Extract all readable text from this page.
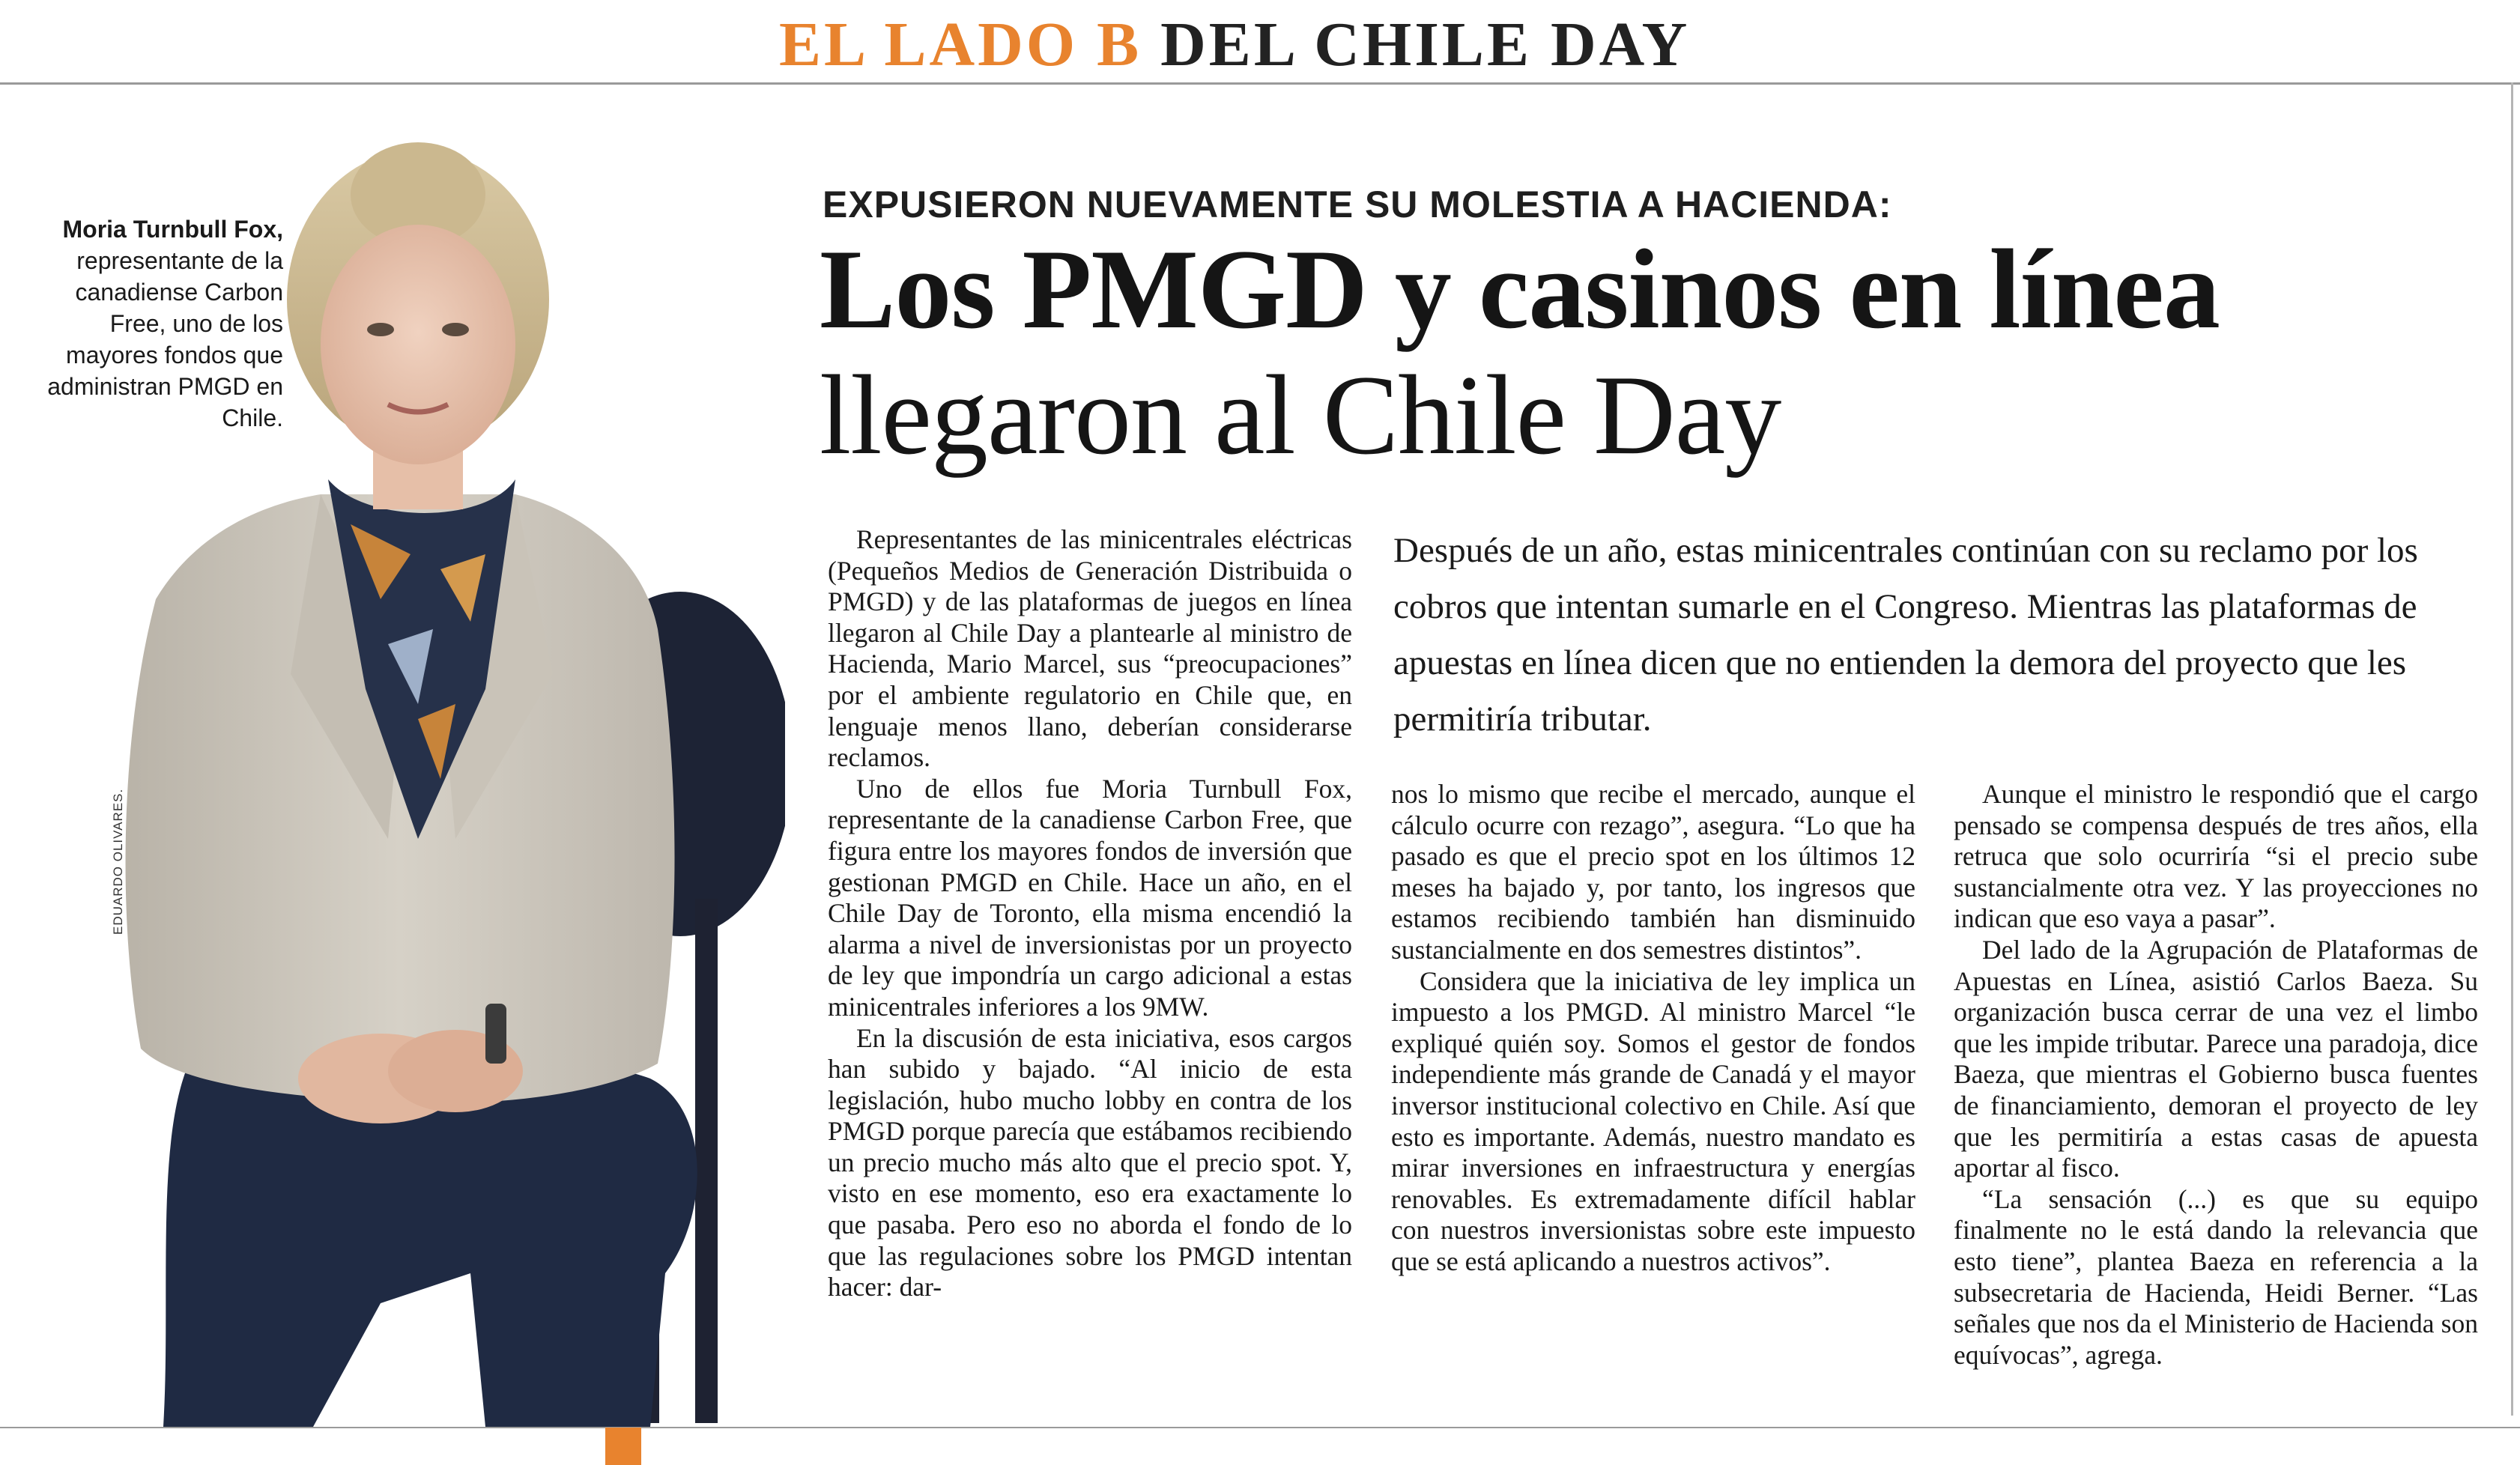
EL LADO B DEL CHILE DAY
Moria Turnbull Fox, representante de la canadiense Carbon Free, uno de los mayores fondos que administran PMGD en Chile.
EDUARDO OLIVARES.
EXPUSIERON NUEVAMENTE SU MOLESTIA A HACIENDA:
Los PMGD y casinos en línea
llegaron al Chile Day

Después de un año, estas minicentrales continúan con su reclamo por los cobros que intentan sumarle en el Congreso. Mientras las plataformas de apuestas en línea dicen que no entienden la demora del proyecto que les permitiría tributar.

Representantes de las minicentrales eléctricas (Pequeños Medios de Generación Distribuida o PMGD) y de las plataformas de juegos en línea llegaron al Chile Day a plantearle al ministro de Hacienda, Mario Marcel, sus “preocupaciones” por el ambiente regulatorio en Chile que, en lenguaje menos llano, deberían considerarse reclamos.

Uno de ellos fue Moria Turnbull Fox, representante de la canadiense Carbon Free, que figura entre los mayores fondos de inversión que gestionan PMGD en Chile. Hace un año, en el Chile Day de Toronto, ella misma encendió la alarma a nivel de inversionistas por un proyecto de ley que impondría un cargo adicional a estas minicentrales inferiores a los 9MW.

En la discusión de esta iniciativa, esos cargos han subido y bajado. “Al inicio de esta legislación, hubo mucho lobby en contra de los PMGD porque parecía que estábamos recibiendo un precio mucho más alto que el precio spot. Y, visto en ese momento, eso era exactamente lo que pasaba. Pero eso no aborda el fondo de lo que las regulaciones sobre los PMGD intentan hacer: dar-

nos lo mismo que recibe el mercado, aunque el cálculo ocurre con rezago”, asegura. “Lo que ha pasado es que el precio spot en los últimos 12 meses ha bajado y, por tanto, los ingresos que estamos recibiendo también han disminuido sustancialmente en dos semestres distintos”.

Considera que la iniciativa de ley implica un impuesto a los PMGD. Al ministro Marcel “le expliqué quién soy. Somos el gestor de fondos independiente más grande de Canadá y el mayor inversor institucional colectivo en Chile. Así que esto es importante. Además, nuestro mandato es mirar inversiones en infraestructura y energías renovables. Es extremadamente difícil hablar con nuestros inversionistas sobre este impuesto que se está aplicando a nuestros activos”.

Aunque el ministro le respondió que el cargo pensado se compensa después de tres años, ella retruca que solo ocurriría “si el precio sube sustancialmente otra vez. Y las proyecciones no indican que eso vaya a pasar”.

Del lado de la Agrupación de Plataformas de Apuestas en Línea, asistió Carlos Baeza. Su organización busca cerrar de una vez el limbo que les impide tributar. Parece una paradoja, dice Baeza, que mientras el Gobierno busca fuentes de financiamiento, demoran el proyecto de ley que les permitiría a estas casas de apuesta aportar al fisco.

“La sensación (...) es que su equipo finalmente no le está dando la relevancia que esto tiene”, plantea Baeza en referencia a la subsecretaria de Hacienda, Heidi Berner. “Las señales que nos da el Ministerio de Hacienda son equívocas”, agrega.
